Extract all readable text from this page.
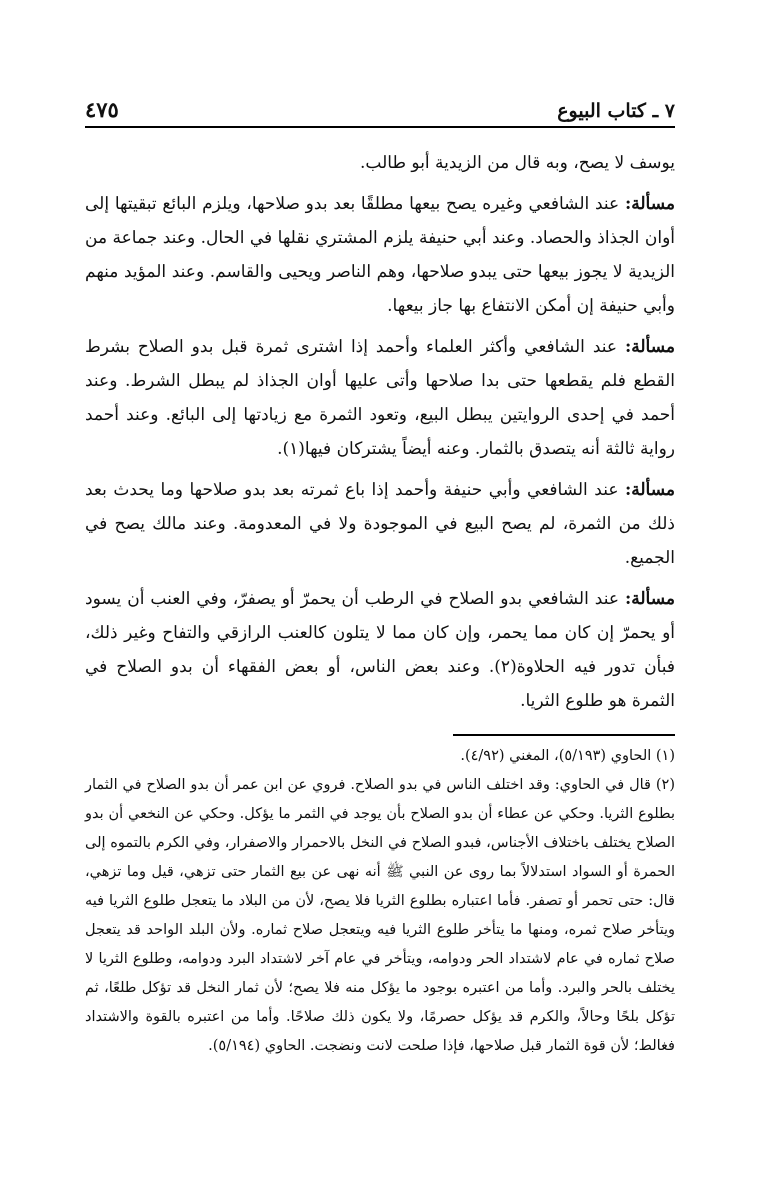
٧ ـ كتاب البيوع
٤٧٥

يوسف لا يصح، وبه قال من الزيدية أبو طالب.

مسألة: عند الشافعي وغيره يصح بيعها مطلقًا بعد بدو صلاحها، ويلزم البائع تبقيتها إلى أوان الجذاذ والحصاد. وعند أبي حنيفة يلزم المشتري نقلها في الحال. وعند جماعة من الزيدية لا يجوز بيعها حتى يبدو صلاحها، وهم الناصر ويحيى والقاسم. وعند المؤيد منهم وأبي حنيفة إن أمكن الانتفاع بها جاز بيعها.

مسألة: عند الشافعي وأكثر العلماء وأحمد إذا اشترى ثمرة قبل بدو الصلاح بشرط القطع فلم يقطعها حتى بدا صلاحها وأتى عليها أوان الجذاذ لم يبطل الشرط. وعند أحمد في إحدى الروايتين يبطل البيع، وتعود الثمرة مع زيادتها إلى البائع. وعند أحمد رواية ثالثة أنه يتصدق بالثمار. وعنه أيضاً يشتركان فيها(١).

مسألة: عند الشافعي وأبي حنيفة وأحمد إذا باع ثمرته بعد بدو صلاحها وما يحدث بعد ذلك من الثمرة، لم يصح البيع في الموجودة ولا في المعدومة. وعند مالك يصح في الجميع.

مسألة: عند الشافعي بدو الصلاح في الرطب أن يحمرّ أو يصفرّ، وفي العنب أن يسود أو يحمرّ إن كان مما يحمر، وإن كان مما لا يتلون كالعنب الرازقي والتفاح وغير ذلك، فبأن تدور فيه الحلاوة(٢). وعند بعض الناس، أو بعض الفقهاء أن بدو الصلاح في الثمرة هو طلوع الثريا.

(١) الحاوي (٥/١٩٣)، المغني (٤/٩٢).

(٢) قال في الحاوي: وقد اختلف الناس في بدو الصلاح. فروي عن ابن عمر أن بدو الصلاح في الثمار بطلوع الثريا. وحكي عن عطاء أن بدو الصلاح بأن يوجد في الثمر ما يؤكل. وحكي عن النخعي أن بدو الصلاح يختلف باختلاف الأجناس، فبدو الصلاح في النخل بالاحمرار والاصفرار، وفي الكرم بالتموه إلى الحمرة أو السواد استدلالاً بما روى عن النبي ﷺ أنه نهى عن بيع الثمار حتى تزهي، قيل وما تزهي، قال: حتى تحمر أو تصفر. فأما اعتباره بطلوع الثريا فلا يصح، لأن من البلاد ما يتعجل طلوع الثريا فيه ويتأخر صلاح ثمره، ومنها ما يتأخر طلوع الثريا فيه ويتعجل صلاح ثماره. ولأن البلد الواحد قد يتعجل صلاح ثماره في عام لاشتداد الحر ودوامه، ويتأخر في عام آخر لاشتداد البرد ودوامه، وطلوع الثريا لا يختلف بالحر والبرد. وأما من اعتبره بوجود ما يؤكل منه فلا يصح؛ لأن ثمار النخل قد تؤكل طلعًا، ثم تؤكل بلحًا وحالاً، والكرم قد يؤكل حصرمًا، ولا يكون ذلك صلاحًا. وأما من اعتبره بالقوة والاشتداد فغالط؛ لأن قوة الثمار قبل صلاحها، فإذا صلحت لانت ونضجت. الحاوي (٥/١٩٤).
